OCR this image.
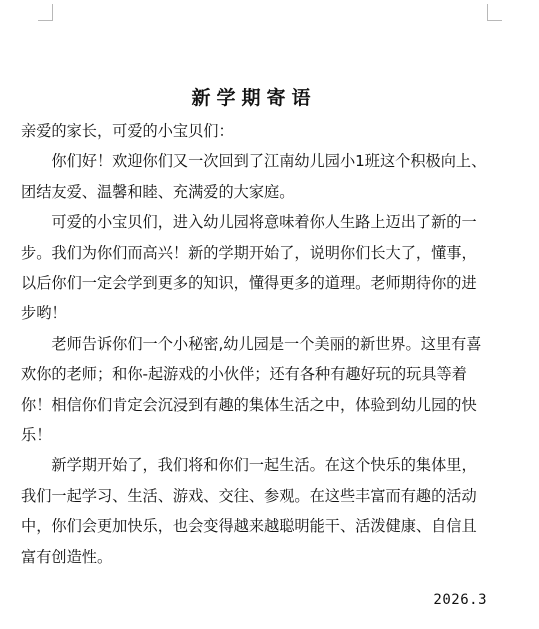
新学期寄语

亲爱的家长，可爱的小宝贝们：

你们好！欢迎你们又一次回到了江南幼儿园小1班这个积极向上、团结友爱、温馨和睦、充满爱的大家庭。

可爱的小宝贝们，进入幼儿园将意味着你人生路上迈出了新的一步。我们为你们而高兴！新的学期开始了，说明你们长大了，懂事，以后你们一定会学到更多的知识，懂得更多的道理。老师期待你的进步哟！

老师告诉你们一个小秘密,幼儿园是一个美丽的新世界。这里有喜欢你的老师；和你-起游戏的小伙伴；还有各种有趣好玩的玩具等着你！相信你们肯定会沉浸到有趣的集体生活之中，体验到幼儿园的快乐！

新学期开始了，我们将和你们一起生活。在这个快乐的集体里，我们一起学习、生活、游戏、交往、参观。在这些丰富而有趣的活动中，你们会更加快乐，也会变得越来越聪明能干、活泼健康、自信且富有创造性。

2026.3
